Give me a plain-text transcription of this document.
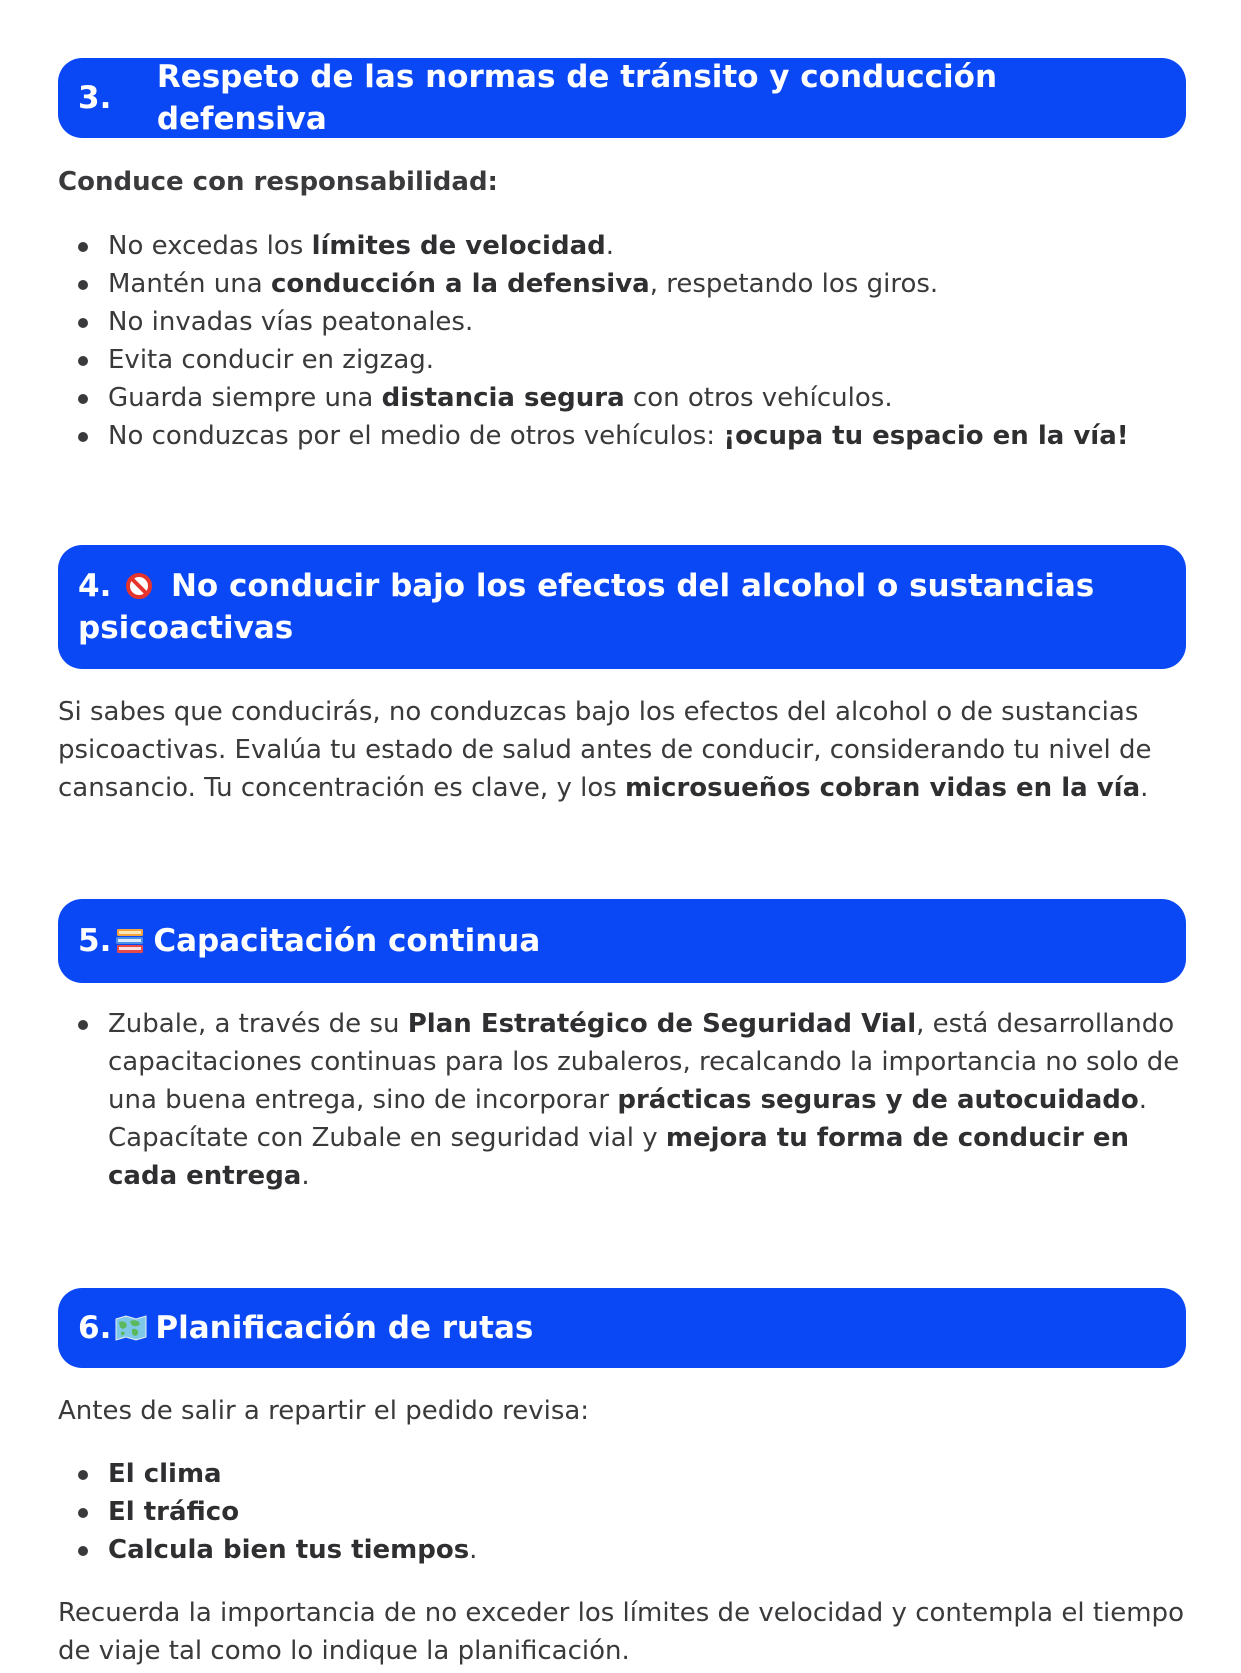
3.
Respeto de las normas de tránsito y conducción defensiva
Conduce con responsabilidad:
No excedas los límites de velocidad.
Mantén una conducción a la defensiva, respetando los giros.
No invadas vías peatonales.
Evita conducir en zigzag.
Guarda siempre una distancia segura con otros vehículos.
No conduzcas por el medio de otros vehículos: ¡ocupa tu espacio en la vía!
4. No conducir bajo los efectos del alcohol o sustancias
psicoactivas
Si sabes que conducirás, no conduzcas bajo los efectos del alcohol o de sustancias psicoactivas. Evalúa tu estado de salud antes de conducir, considerando tu nivel de cansancio. Tu concentración es clave, y los microsueños cobran vidas en la vía.
5. Capacitación continua
Zubale, a través de su Plan Estratégico de Seguridad Vial, está desarrollando capacitaciones continuas para los zubaleros, recalcando la importancia no solo de una buena entrega, sino de incorporar prácticas seguras y de autocuidado. Capacítate con Zubale en seguridad vial y mejora tu forma de conducir en cada entrega.
6. Planificación de rutas
Antes de salir a repartir el pedido revisa:
El clima
El tráfico
Calcula bien tus tiempos.
Recuerda la importancia de no exceder los límites de velocidad y contempla el tiempo de viaje tal como lo indique la planificación.
